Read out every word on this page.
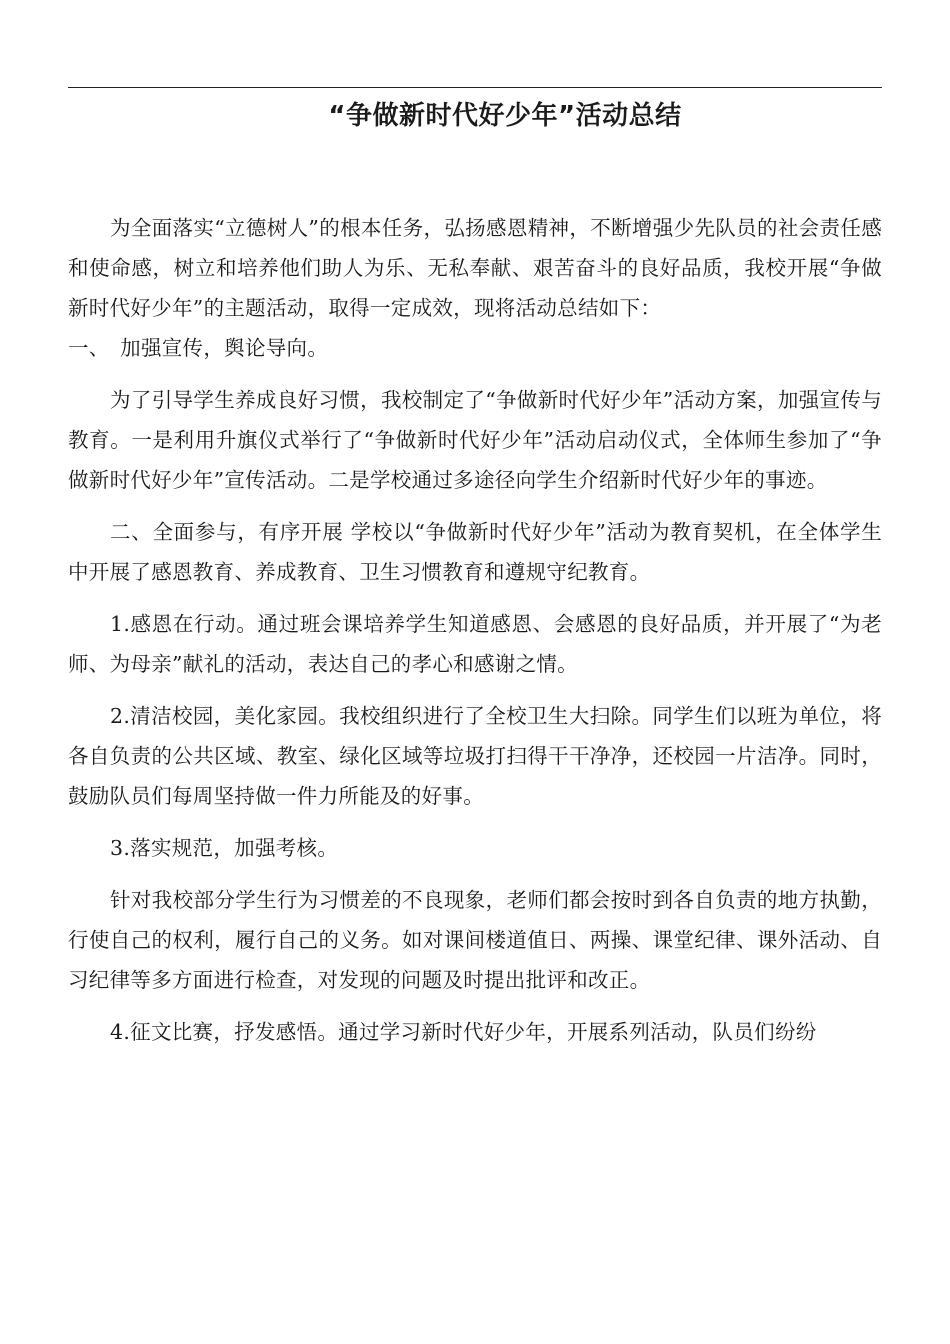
“争做新时代好少年”活动总结

为全面落实“立德树人”的根本任务，弘扬感恩精神，不断增强少先队员的社会责任感和使命感，树立和培养他们助人为乐、无私奉献、艰苦奋斗的良好品质，我校开展“争做新时代好少年”的主题活动，取得一定成效，现将活动总结如下：

一、　加强宣传，舆论导向。

为了引导学生养成良好习惯，我校制定了“争做新时代好少年”活动方案，加强宣传与教育。一是利用升旗仪式举行了“争做新时代好少年”活动启动仪式，全体师生参加了“争做新时代好少年”宣传活动。二是学校通过多途径向学生介绍新时代好少年的事迹。

二、全面参与，有序开展 学校以“争做新时代好少年”活动为教育契机，在全体学生中开展了感恩教育、养成教育、卫生习惯教育和遵规守纪教育。

1.感恩在行动。通过班会课培养学生知道感恩、会感恩的良好品质，并开展了“为老师、为母亲”献礼的活动，表达自己的孝心和感谢之情。

2.清洁校园，美化家园。我校组织进行了全校卫生大扫除。同学生们以班为单位，将各自负责的公共区域、教室、绿化区域等垃圾打扫得干干净净，还校园一片洁净。同时，鼓励队员们每周坚持做一件力所能及的好事。

3.落实规范，加强考核。

针对我校部分学生行为习惯差的不良现象，老师们都会按时到各自负责的地方执勤，行使自己的权利，履行自己的义务。如对课间楼道值日、两操、课堂纪律、课外活动、自习纪律等多方面进行检查，对发现的问题及时提出批评和改正。

4.征文比赛，抒发感悟。通过学习新时代好少年，开展系列活动，队员们纷纷
